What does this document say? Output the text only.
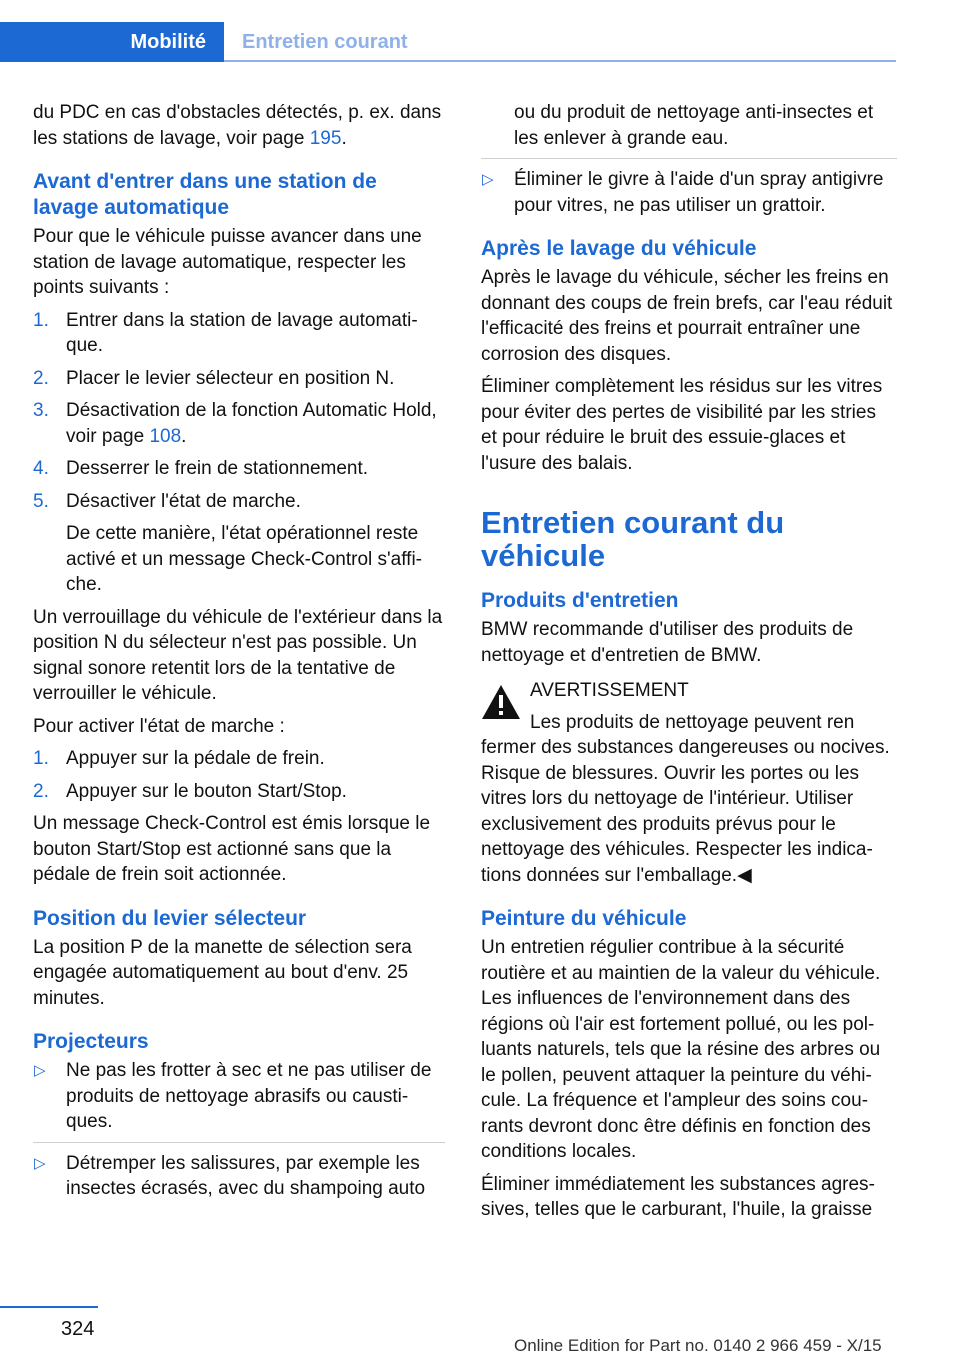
Mobilité	Entretien courant

du PDC en cas d'obstacles détectés, p. ex. dans les stations de lavage, voir page 195.

Avant d'entrer dans une station de lavage automatique

Pour que le véhicule puisse avancer dans une station de lavage automatique, respecter les points suivants :

1. Entrer dans la station de lavage automatique.
2. Placer le levier sélecteur en position N.
3. Désactivation de la fonction Automatic Hold, voir page 108.
4. Desserrer le frein de stationnement.
5. Désactiver l'état de marche.

De cette manière, l'état opérationnel reste activé et un message Check-Control s'affiche.

Un verrouillage du véhicule de l'extérieur dans la position N du sélecteur n'est pas possible. Un signal sonore retentit lors de la tentative de verrouiller le véhicule.

Pour activer l'état de marche :

1. Appuyer sur la pédale de frein.
2. Appuyer sur le bouton Start/Stop.

Un message Check-Control est émis lorsque le bouton Start/Stop est actionné sans que la pédale de frein soit actionnée.

Position du levier sélecteur

La position P de la manette de sélection sera engagée automatiquement au bout d'env. 25 minutes.

Projecteurs
▷ Ne pas les frotter à sec et ne pas utiliser de produits de nettoyage abrasifs ou caustiques.
▷ Détremper les salissures, par exemple les insectes écrasés, avec du shampoing auto

ou du produit de nettoyage anti-insectes et les enlever à grande eau.

▷ Éliminer le givre à l'aide d'un spray antigivre pour vitres, ne pas utiliser un grattoir.
Après le lavage du véhicule

Après le lavage du véhicule, sécher les freins en donnant des coups de frein brefs, car l'eau réduit l'efficacité des freins et pourrait entraîner une corrosion des disques.

Éliminer complètement les résidus sur les vitres pour éviter des pertes de visibilité par les stries et pour réduire le bruit des essuie-glaces et l'usure des balais.

Entretien courant du véhicule
Produits d'entretien

BMW recommande d'utiliser des produits de nettoyage et d'entretien de BMW.

AVERTISSEMENT
Les produits de nettoyage peuvent ren

fermer des substances dangereuses ou nocives. Risque de blessures. Ouvrir les portes ou les vitres lors du nettoyage de l'intérieur. Utiliser exclusivement des produits prévus pour le nettoyage des véhicules. Respecter les indications données sur l'emballage.◀

Peinture du véhicule

Un entretien régulier contribue à la sécurité routière et au maintien de la valeur du véhicule. Les influences de l'environnement dans des régions où l'air est fortement pollué, ou les polluants naturels, tels que la résine des arbres ou le pollen, peuvent attaquer la peinture du véhicule. La fréquence et l'ampleur des soins courants devront donc être définis en fonction des conditions locales.

Éliminer immédiatement les substances agressives, telles que le carburant, l'huile, la graisse

324
Online Edition for Part no. 0140 2 966 459 - X/15
